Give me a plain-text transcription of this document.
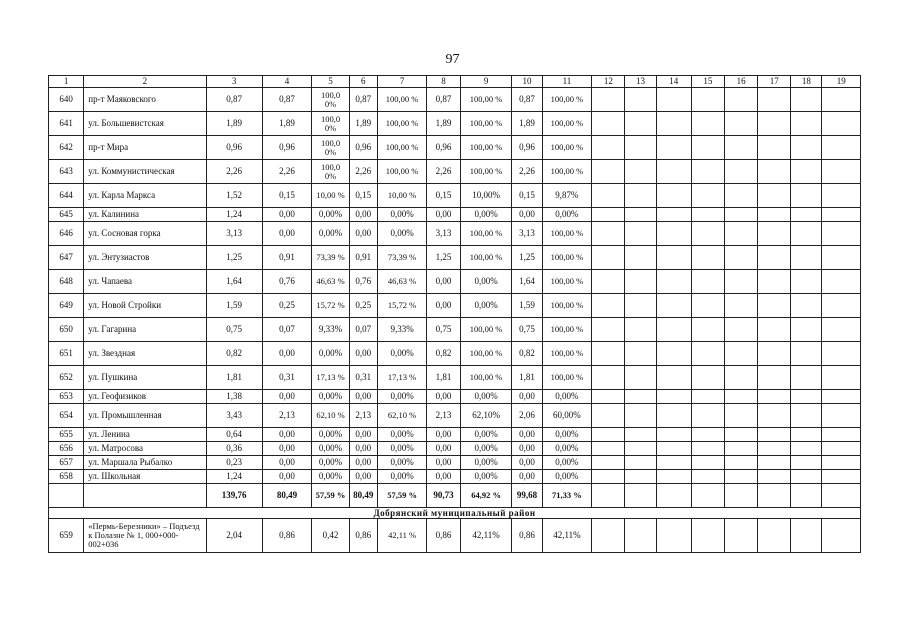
97
1	2	3	4	5	6	7	8	9	10	11	12	13	14	15	16	17	18	19
640	пр-т Маяковского	0,87	0,87	100,0 0%	0,87	100,00 %	0,87	100,00 %	0,87	100,00 %								
641	ул. Большевистская	1,89	1,89	100,0 0%	1,89	100,00 %	1,89	100,00 %	1,89	100,00 %								
642	пр-т Мира	0,96	0,96	100,0 0%	0,96	100,00 %	0,96	100,00 %	0,96	100,00 %								
643	ул. Коммунистическая	2,26	2,26	100,0 0%	2,26	100,00 %	2,26	100,00 %	2,26	100,00 %								
644	ул. Карла Маркса	1,52	0,15	10,00 %	0,15	10,00 %	0,15	10,00%	0,15	9,87%								
645	ул. Калинина	1,24	0,00	0,00%	0,00	0,00%	0,00	0,00%	0,00	0,00%								
646	ул. Сосновая горка	3,13	0,00	0,00%	0,00	0,00%	3,13	100,00 %	3,13	100,00 %								
647	ул. Энтузиастов	1,25	0,91	73,39 %	0,91	73,39 %	1,25	100,00 %	1,25	100,00 %								
648	ул. Чапаева	1,64	0,76	46,63 %	0,76	46,63 %	0,00	0,00%	1,64	100,00 %								
649	ул. Новой Стройки	1,59	0,25	15,72 %	0,25	15,72 %	0,00	0,00%	1,59	100,00 %								
650	ул. Гагарина	0,75	0,07	9,33%	0,07	9,33%	0,75	100,00 %	0,75	100,00 %								
651	ул. Звездная	0,82	0,00	0,00%	0,00	0,00%	0,82	100,00 %	0,82	100,00 %								
652	ул. Пушкина	1,81	0,31	17,13 %	0,31	17,13 %	1,81	100,00 %	1,81	100,00 %								
653	ул. Геофизиков	1,38	0,00	0,00%	0,00	0,00%	0,00	0,00%	0,00	0,00%								
654	ул. Промышленная	3,43	2,13	62,10 %	2,13	62,10 %	2,13	62,10%	2,06	60,00%								
655	ул. Ленина	0,64	0,00	0,00%	0,00	0,00%	0,00	0,00%	0,00	0,00%								
656	ул. Матросова	0,36	0,00	0,00%	0,00	0,00%	0,00	0,00%	0,00	0,00%								
657	ул. Маршала Рыбалко	0,23	0,00	0,00%	0,00	0,00%	0,00	0,00%	0,00	0,00%								
658	ул. Школьная	1,24	0,00	0,00%	0,00	0,00%	0,00	0,00%	0,00	0,00%								
		139,76	80,49	57,59 %	80,49	57,59 %	90,73	64,92 %	99,68	71,33 %								
Добрянский муниципальный район																		
659	«Пермь-Березники» – Подъезд к Полазне № 1, 000+000-002+036	2,04	0,86	0,42	0,86	42,11 %	0,86	42,11%	0,86	42,11%								
